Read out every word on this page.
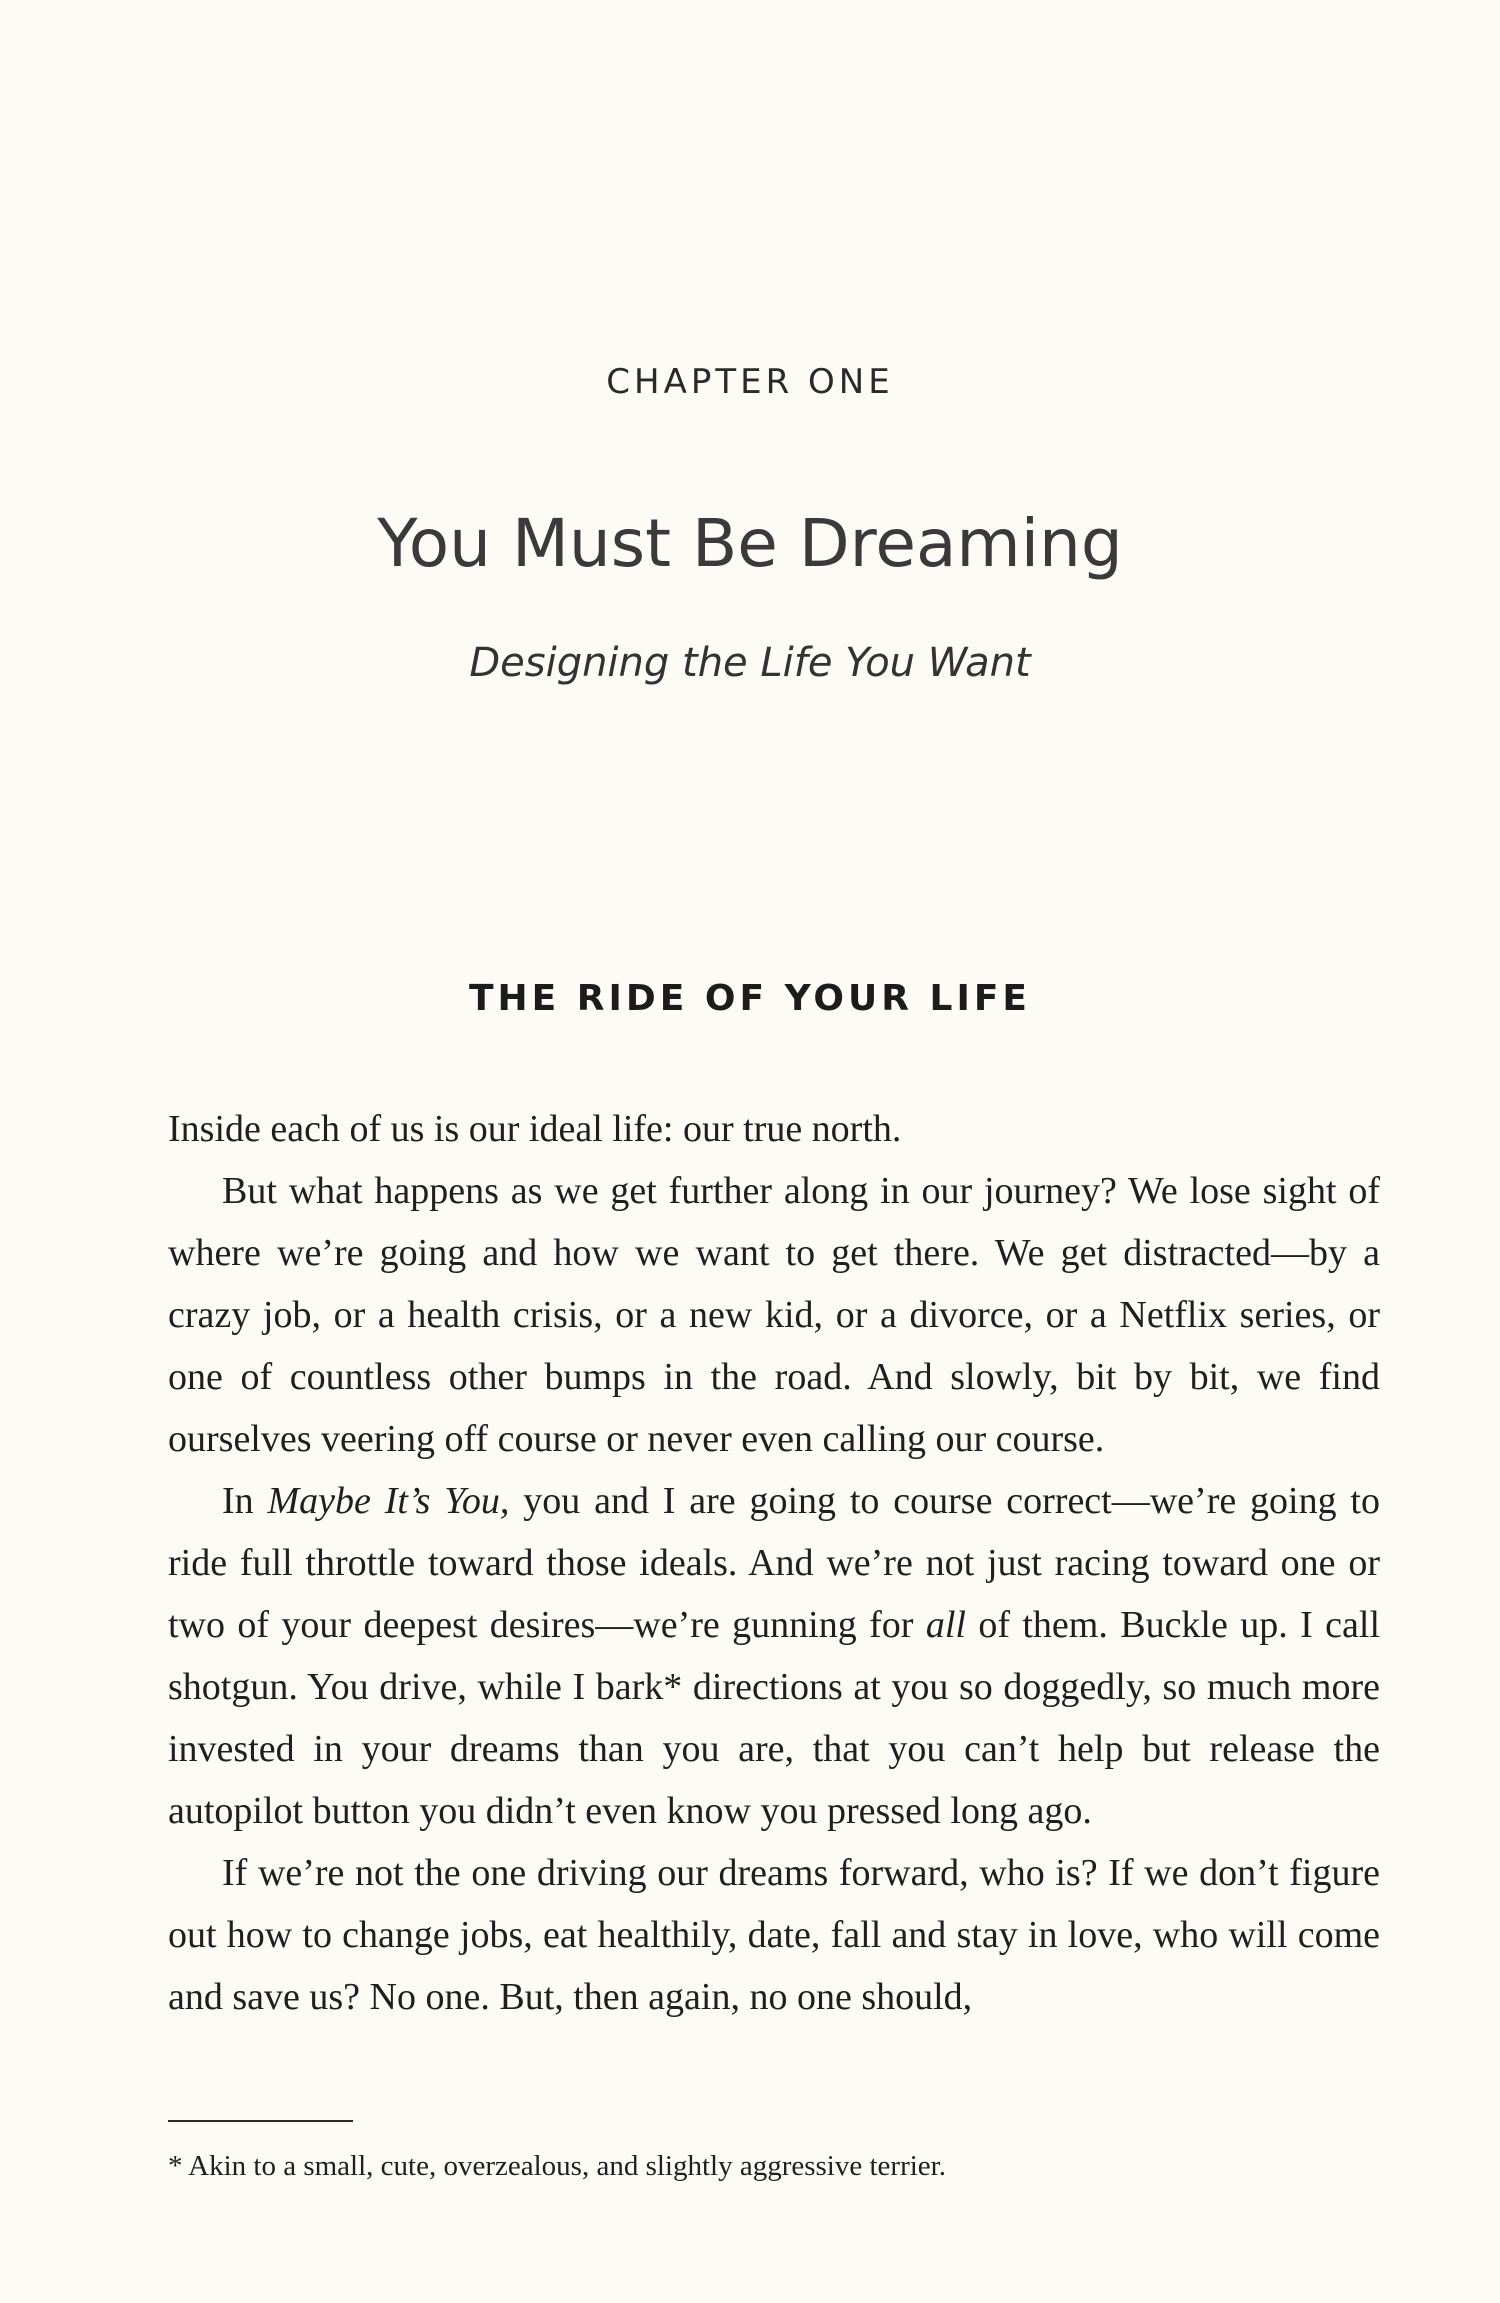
CHAPTER ONE
You Must Be Dreaming
Designing the Life You Want
THE RIDE OF YOUR LIFE

Inside each of us is our ideal life: our true north.

But what happens as we get further along in our journey? We lose sight of where we’re going and how we want to get there. We get distracted—by a crazy job, or a health crisis, or a new kid, or a divorce, or a Netflix series, or one of countless other bumps in the road. And slowly, bit by bit, we find ourselves veering off course or never even calling our course.

In Maybe It’s You, you and I are going to course correct—we’re going to ride full throttle toward those ideals. And we’re not just racing toward one or two of your deepest desires—we’re gunning for all of them. Buckle up. I call shotgun. You drive, while I bark* directions at you so doggedly, so much more invested in your dreams than you are, that you can’t help but release the autopilot button you didn’t even know you pressed long ago.

If we’re not the one driving our dreams forward, who is? If we don’t figure out how to change jobs, eat healthily, date, fall and stay in love, who will come and save us? No one. But, then again, no one should,

* Akin to a small, cute, overzealous, and slightly aggressive terrier.
